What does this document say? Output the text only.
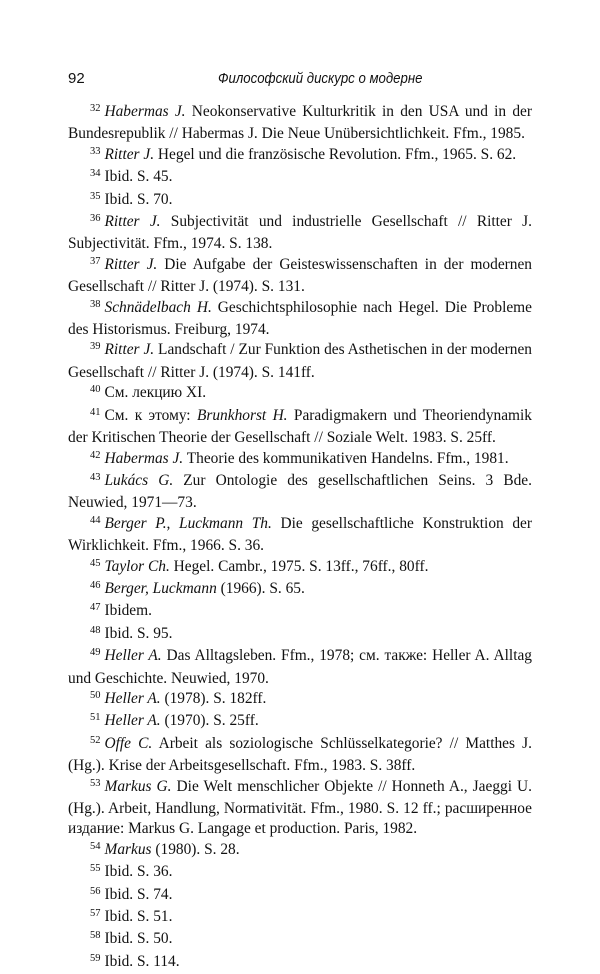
92	Философский дискурс о модерне

$^{32}$ Habermas J. Neokonservative Kulturkritik in den USA und in der Bundesrepublik // Habermas J. Die Neue Unübersichtlichkeit. Ffm., 1985.

$^{33}$ Ritter J. Hegel und die französische Revolution. Ffm., 1965. S. 62.

$^{34}$ Ibid. S. 45.

$^{35}$ Ibid. S. 70.

$^{36}$ Ritter J. Subjectivität und industrielle Gesellschaft // Ritter J. Subjectivität. Ffm., 1974. S. 138.

$^{37}$ Ritter J. Die Aufgabe der Geisteswissenschaften in der modernen Gesellschaft // Ritter J. (1974). S. 131.

$^{38}$ Schnädelbach H. Geschichtsphilosophie nach Hegel. Die Probleme des Historismus. Freiburg, 1974.

$^{39}$ Ritter J. Landschaft / Zur Funktion des Asthetischen in der modernen Gesellschaft // Ritter J. (1974). S. 141ff.

$^{40}$ См. лекцию XI.

$^{41}$ См. к этому: Brunkhorst H. Paradigmakern und Theoriendynamik der Kritischen Theorie der Gesellschaft // Soziale Welt. 1983. S. 25ff.

$^{42}$ Habermas J. Theorie des kommunikativen Handelns. Ffm., 1981.

$^{43}$ Lukács G. Zur Ontologie des gesellschaftlichen Seins. 3 Bde. Neuwied, 1971—73.

$^{44}$ Berger P., Luckmann Th. Die gesellschaftliche Konstruktion der Wirklichkeit. Ffm., 1966. S. 36.

$^{45}$ Taylor Ch. Hegel. Cambr., 1975. S. 13ff., 76ff., 80ff.

$^{46}$ Berger, Luckmann (1966). S. 65.

$^{47}$ Ibidem.

$^{48}$ Ibid. S. 95.

$^{49}$ Heller A. Das Alltagsleben. Ffm., 1978; см. также: Heller A. Alltag und Geschichte. Neuwied, 1970.

$^{50}$ Heller A. (1978). S. 182ff.

$^{51}$ Heller A. (1970). S. 25ff.

$^{52}$ Offe C. Arbeit als soziologische Schlüsselkategorie? // Matthes J. (Hg.). Krise der Arbeitsgesellschaft. Ffm., 1983. S. 38ff.

$^{53}$ Markus G. Die Welt menschlicher Objekte // Honneth A., Jaeggi U. (Hg.). Arbeit, Handlung, Normativität. Ffm., 1980. S. 12 ff.; расширенное издание: Markus G. Langage et production. Paris, 1982.

$^{54}$ Markus (1980). S. 28.

$^{55}$ Ibid. S. 36.

$^{56}$ Ibid. S. 74.

$^{57}$ Ibid. S. 51.

$^{58}$ Ibid. S. 50.

$^{59}$ Ibid. S. 114.
